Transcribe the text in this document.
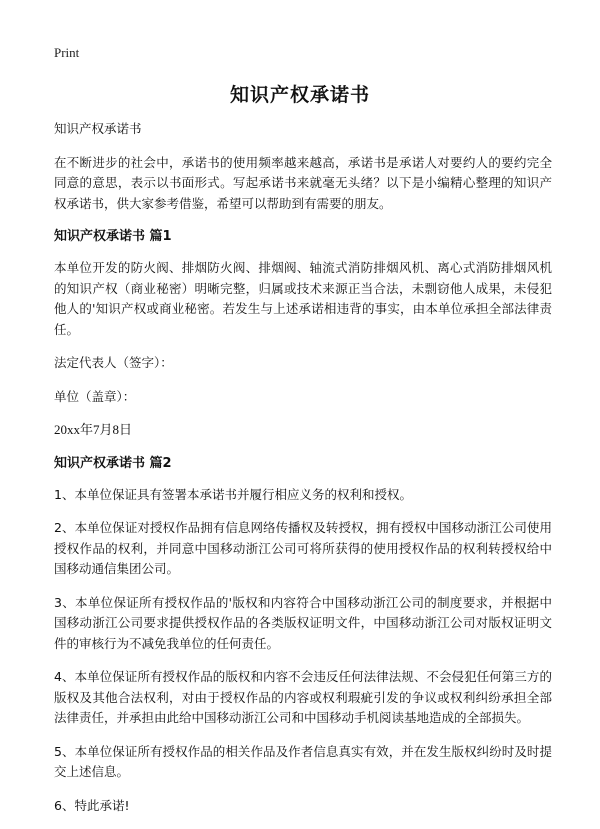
Print
知识产权承诺书

知识产权承诺书

在不断进步的社会中，承诺书的使用频率越来越高，承诺书是承诺人对要约人的要约完全同意的意思，表示以书面形式。写起承诺书来就毫无头绪？以下是小编精心整理的知识产权承诺书，供大家参考借鉴，希望可以帮助到有需要的朋友。

知识产权承诺书 篇1

本单位开发的防火阀、排烟防火阀、排烟阀、轴流式消防排烟风机、离心式消防排烟风机的知识产权（商业秘密）明晰完整，归属或技术来源正当合法，未剽窃他人成果，未侵犯他人的'知识产权或商业秘密。若发生与上述承诺相违背的事实，由本单位承担全部法律责任。

法定代表人（签字）：

单位（盖章）：

20xx年7月8日

知识产权承诺书 篇2

1、本单位保证具有签署本承诺书并履行相应义务的权利和授权。

2、本单位保证对授权作品拥有信息网络传播权及转授权，拥有授权中国移动浙江公司使用授权作品的权利，并同意中国移动浙江公司可将所获得的使用授权作品的权利转授权给中国移动通信集团公司。

3、本单位保证所有授权作品的'版权和内容符合中国移动浙江公司的制度要求，并根据中国移动浙江公司要求提供授权作品的各类版权证明文件，中国移动浙江公司对版权证明文件的审核行为不减免我单位的任何责任。

4、本单位保证所有授权作品的版权和内容不会违反任何法律法规、不会侵犯任何第三方的版权及其他合法权利，对由于授权作品的内容或权利瑕疵引发的争议或权利纠纷承担全部法律责任，并承担由此给中国移动浙江公司和中国移动手机阅读基地造成的全部损失。

5、本单位保证所有授权作品的相关作品及作者信息真实有效，并在发生版权纠纷时及时提交上述信息。

6、特此承诺!
